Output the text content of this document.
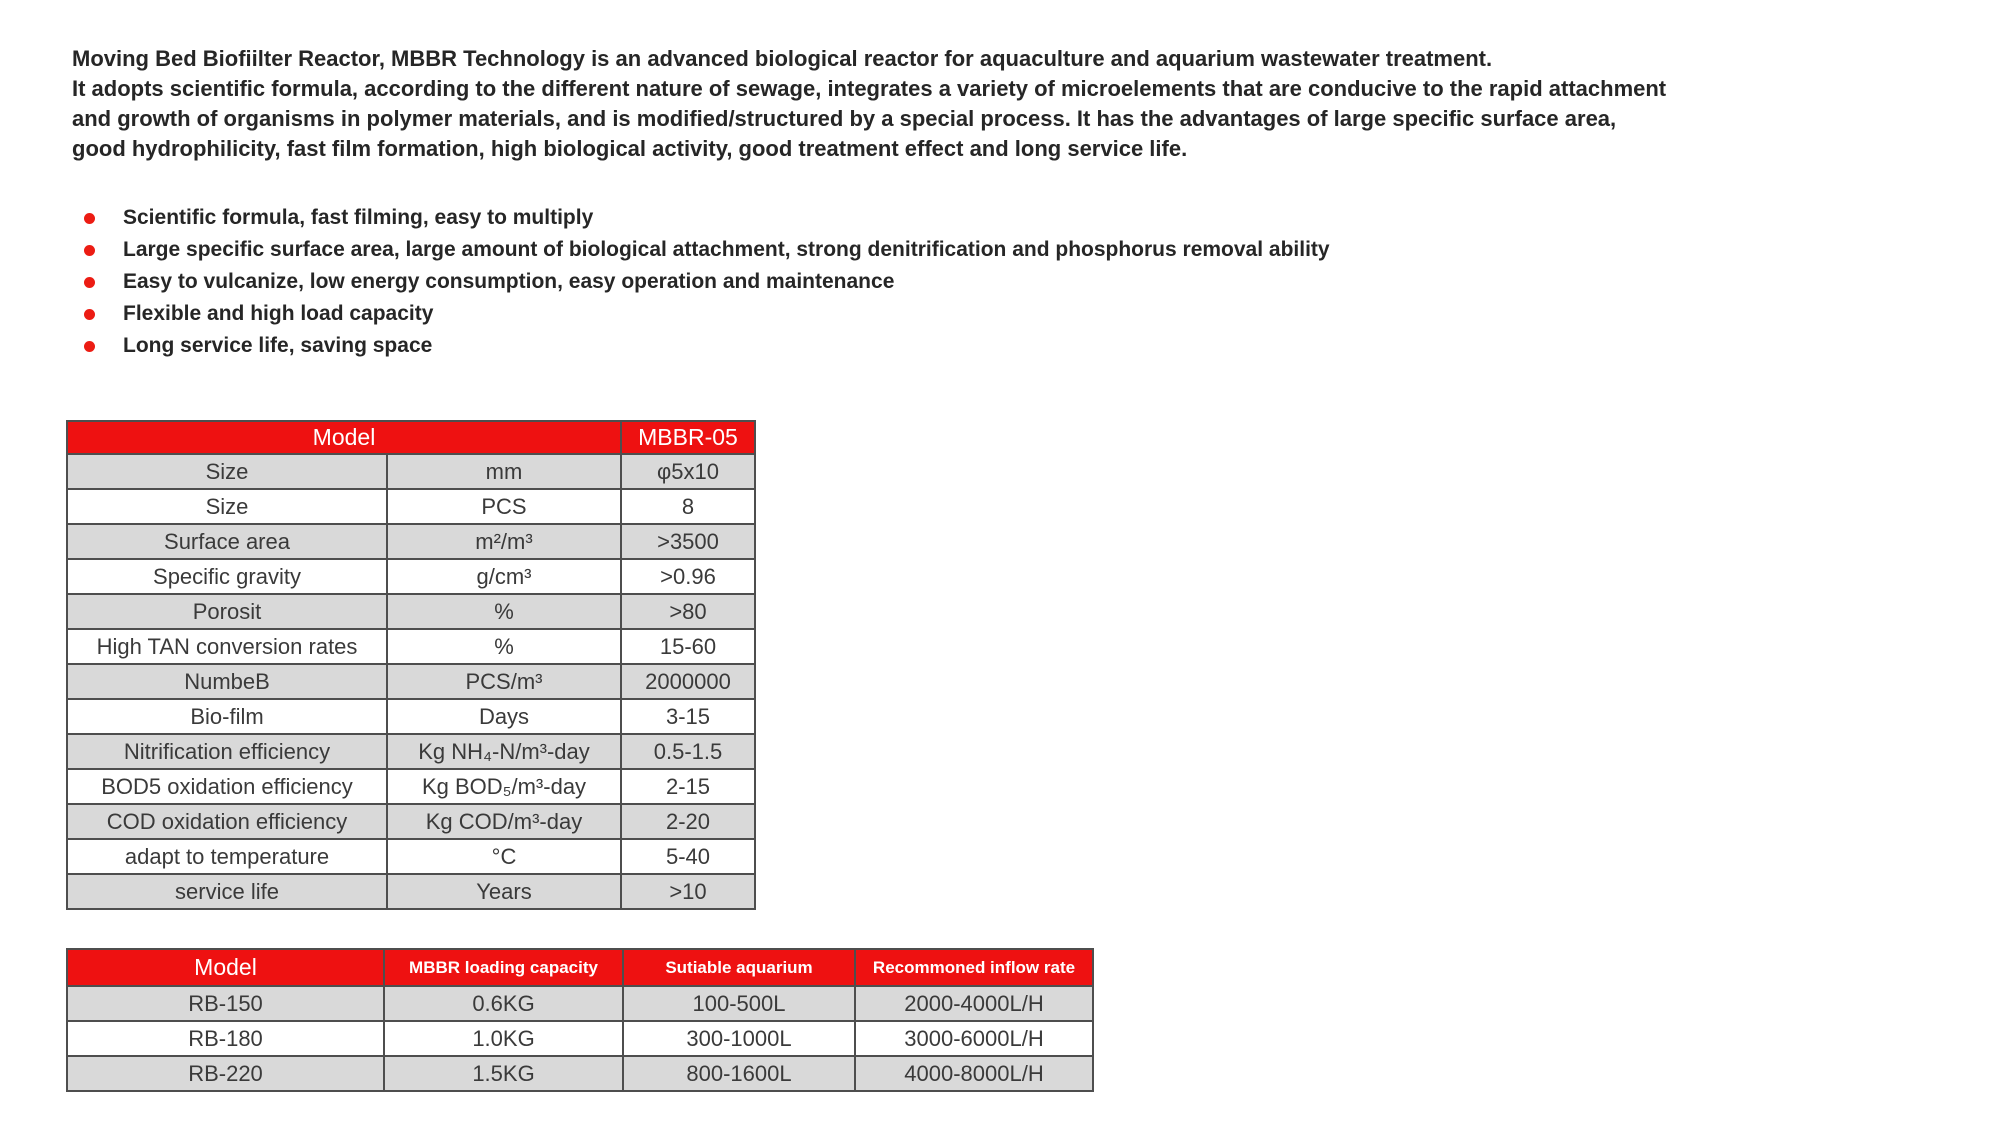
Moving Bed Biofiilter Reactor, MBBR Technology is an advanced biological reactor for aquaculture and aquarium wastewater treatment.
It adopts scientific formula, according to the different nature of sewage, integrates a variety of microelements that are conducive to the rapid attachment
and growth of organisms in polymer materials, and is modified/structured by a special process. It has the advantages of large specific surface area,
good hydrophilicity, fast film formation, high biological activity, good treatment effect and long service life.
Scientific formula, fast filming, easy to multiply
Large specific surface area, large amount of biological attachment, strong denitrification and phosphorus removal ability
Easy to vulcanize, low energy consumption, easy operation and maintenance
Flexible and high load capacity
Long service life, saving space
Model		MBBR-05
Size	mm	φ5x10
Size	PCS	8
Surface area	m²/m³	>3500
Specific gravity	g/cm³	>0.96
Porosit	%	>80
High TAN conversion rates	%	15-60
NumbeB	PCS/m³	2000000
Bio-film	Days	3-15
Nitrification efficiency	Kg NH₄-N/m³-day	0.5-1.5
BOD5 oxidation efficiency	Kg BOD₅/m³-day	2-15
COD oxidation efficiency	Kg COD/m³-day	2-20
adapt to temperature	°C	5-40
service life	Years	>10
Model	MBBR loading capacity	Sutiable aquarium	Recommoned inflow rate
RB-150	0.6KG	100-500L	2000-4000L/H
RB-180	1.0KG	300-1000L	3000-6000L/H
RB-220	1.5KG	800-1600L	4000-8000L/H
